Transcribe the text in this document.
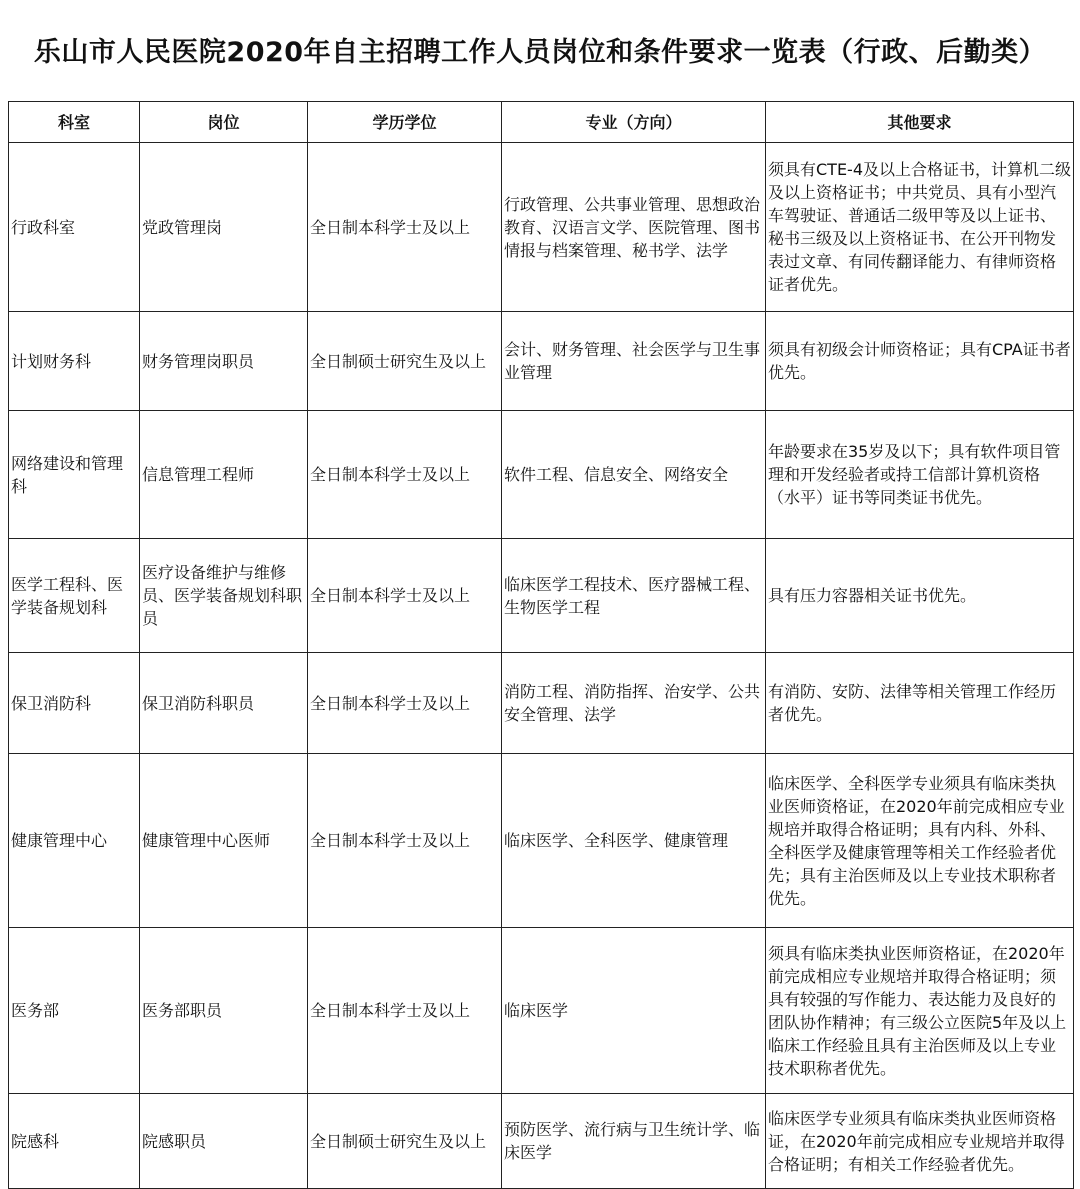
乐山市人民医院2020年自主招聘工作人员岗位和条件要求一览表（行政、后勤类）
科室	岗位	学历学位	专业（方向）	其他要求
行政科室	党政管理岗	全日制本科学士及以上	行政管理、公共事业管理、思想政治教育、汉语言文学、医院管理、图书情报与档案管理、秘书学、法学	须具有CTE-4及以上合格证书，计算机二级及以上资格证书；中共党员、具有小型汽车驾驶证、普通话二级甲等及以上证书、秘书三级及以上资格证书、在公开刊物发表过文章、有同传翻译能力、有律师资格证者优先。
计划财务科	财务管理岗职员	全日制硕士研究生及以上	会计、财务管理、社会医学与卫生事业管理	须具有初级会计师资格证；具有CPA证书者优先。
网络建设和管理科	信息管理工程师	全日制本科学士及以上	软件工程、信息安全、网络安全	年龄要求在35岁及以下；具有软件项目管理和开发经验者或持工信部计算机资格（水平）证书等同类证书优先。
医学工程科、医学装备规划科	医疗设备维护与维修员、医学装备规划科职员	全日制本科学士及以上	临床医学工程技术、医疗器械工程、生物医学工程	具有压力容器相关证书优先。
保卫消防科	保卫消防科职员	全日制本科学士及以上	消防工程、消防指挥、治安学、公共安全管理、法学	有消防、安防、法律等相关管理工作经历者优先。
健康管理中心	健康管理中心医师	全日制本科学士及以上	临床医学、全科医学、健康管理	临床医学、全科医学专业须具有临床类执业医师资格证，在2020年前完成相应专业规培并取得合格证明；具有内科、外科、全科医学及健康管理等相关工作经验者优先；具有主治医师及以上专业技术职称者优先。
医务部	医务部职员	全日制本科学士及以上	临床医学	须具有临床类执业医师资格证，在2020年前完成相应专业规培并取得合格证明；须具有较强的写作能力、表达能力及良好的团队协作精神；有三级公立医院5年及以上临床工作经验且具有主治医师及以上专业技术职称者优先。
院感科	院感职员	全日制硕士研究生及以上	预防医学、流行病与卫生统计学、临床医学	临床医学专业须具有临床类执业医师资格证，在2020年前完成相应专业规培并取得合格证明；有相关工作经验者优先。
